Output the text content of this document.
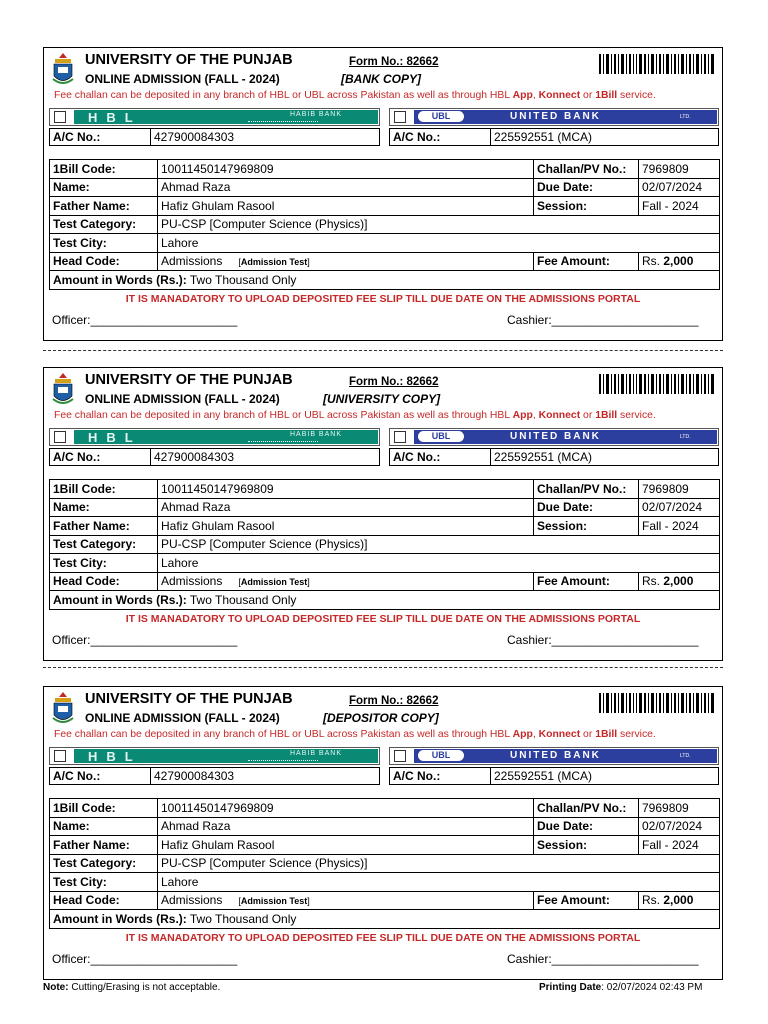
UNIVERSITY OF THE PUNJAB	Form No.: 82662
ONLINE ADMISSION (FALL - 2024)	[BANK COPY]
Fee challan can be deposited in any branch of HBL or UBL across Pakistan as well as through HBL App, Konnect or 1Bill service.
HBL	HABIB BANK	UBL	UNITED BANK	LTD.
A/C No.:	427900084303	A/C No.:	225592551 (MCA)
1Bill Code:	10011450147969809	Challan/PV No.:	7969809
Name:	Ahmad Raza	Due Date:	02/07/2024
Father Name:	Hafiz Ghulam Rasool	Session:	Fall - 2024
Test Category:	PU-CSP [Computer Science (Physics)]		
Test City:	Lahore		
Head Code:	Admissions [Admission Test]	Fee Amount:	Rs. 2,000
Amount in Words (Rs.): Two Thousand Only			
IT IS MANADATORY TO UPLOAD DEPOSITED FEE SLIP TILL DUE DATE ON THE ADMISSIONS PORTAL
Officer:______________________	Cashier:______________________
UNIVERSITY OF THE PUNJAB	Form No.: 82662
ONLINE ADMISSION (FALL - 2024)	[UNIVERSITY COPY]
Fee challan can be deposited in any branch of HBL or UBL across Pakistan as well as through HBL App, Konnect or 1Bill service.
HBL	HABIB BANK	UBL	UNITED BANK	LTD.
A/C No.:	427900084303	A/C No.:	225592551 (MCA)
1Bill Code:	10011450147969809	Challan/PV No.:	7969809
Name:	Ahmad Raza	Due Date:	02/07/2024
Father Name:	Hafiz Ghulam Rasool	Session:	Fall - 2024
Test Category:	PU-CSP [Computer Science (Physics)]		
Test City:	Lahore		
Head Code:	Admissions [Admission Test]	Fee Amount:	Rs. 2,000
Amount in Words (Rs.): Two Thousand Only			
IT IS MANADATORY TO UPLOAD DEPOSITED FEE SLIP TILL DUE DATE ON THE ADMISSIONS PORTAL
Officer:______________________	Cashier:______________________
UNIVERSITY OF THE PUNJAB	Form No.: 82662
ONLINE ADMISSION (FALL - 2024)	[DEPOSITOR COPY]
Fee challan can be deposited in any branch of HBL or UBL across Pakistan as well as through HBL App, Konnect or 1Bill service.
HBL	HABIB BANK	UBL	UNITED BANK	LTD.
A/C No.:	427900084303	A/C No.:	225592551 (MCA)
1Bill Code:	10011450147969809	Challan/PV No.:	7969809
Name:	Ahmad Raza	Due Date:	02/07/2024
Father Name:	Hafiz Ghulam Rasool	Session:	Fall - 2024
Test Category:	PU-CSP [Computer Science (Physics)]		
Test City:	Lahore		
Head Code:	Admissions [Admission Test]	Fee Amount:	Rs. 2,000
Amount in Words (Rs.): Two Thousand Only			
IT IS MANADATORY TO UPLOAD DEPOSITED FEE SLIP TILL DUE DATE ON THE ADMISSIONS PORTAL
Officer:______________________	Cashier:______________________
Note: Cutting/Erasing is not acceptable.	Printing Date: 02/07/2024 02:43 PM
